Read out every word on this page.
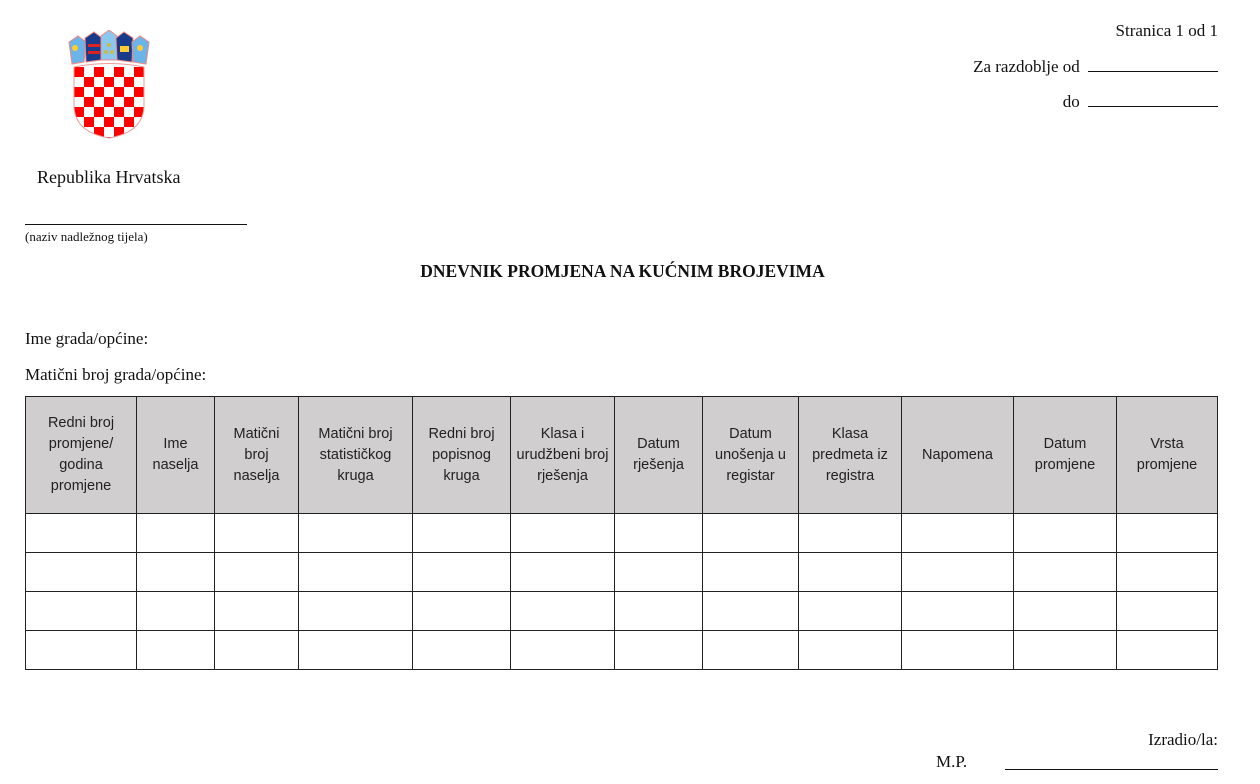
Stranica 1 od 1
Za razdoblje od
do
Republika Hrvatska
(naziv nadležnog tijela)
DNEVNIK PROMJENA NA KUĆNIM BROJEVIMA
Ime grada/općine:
Matični broj grada/općine:
Redni broj promjene/ godina promjene	Ime naselja	Matični broj naselja	Matični broj statističkog kruga	Redni broj popisnog kruga	Klasa i urudžbeni broj rješenja	Datum rješenja	Datum unošenja u registar	Klasa predmeta iz registra	Napomena	Datum promjene	Vrsta promjene

Izradio/la:
M.P.
